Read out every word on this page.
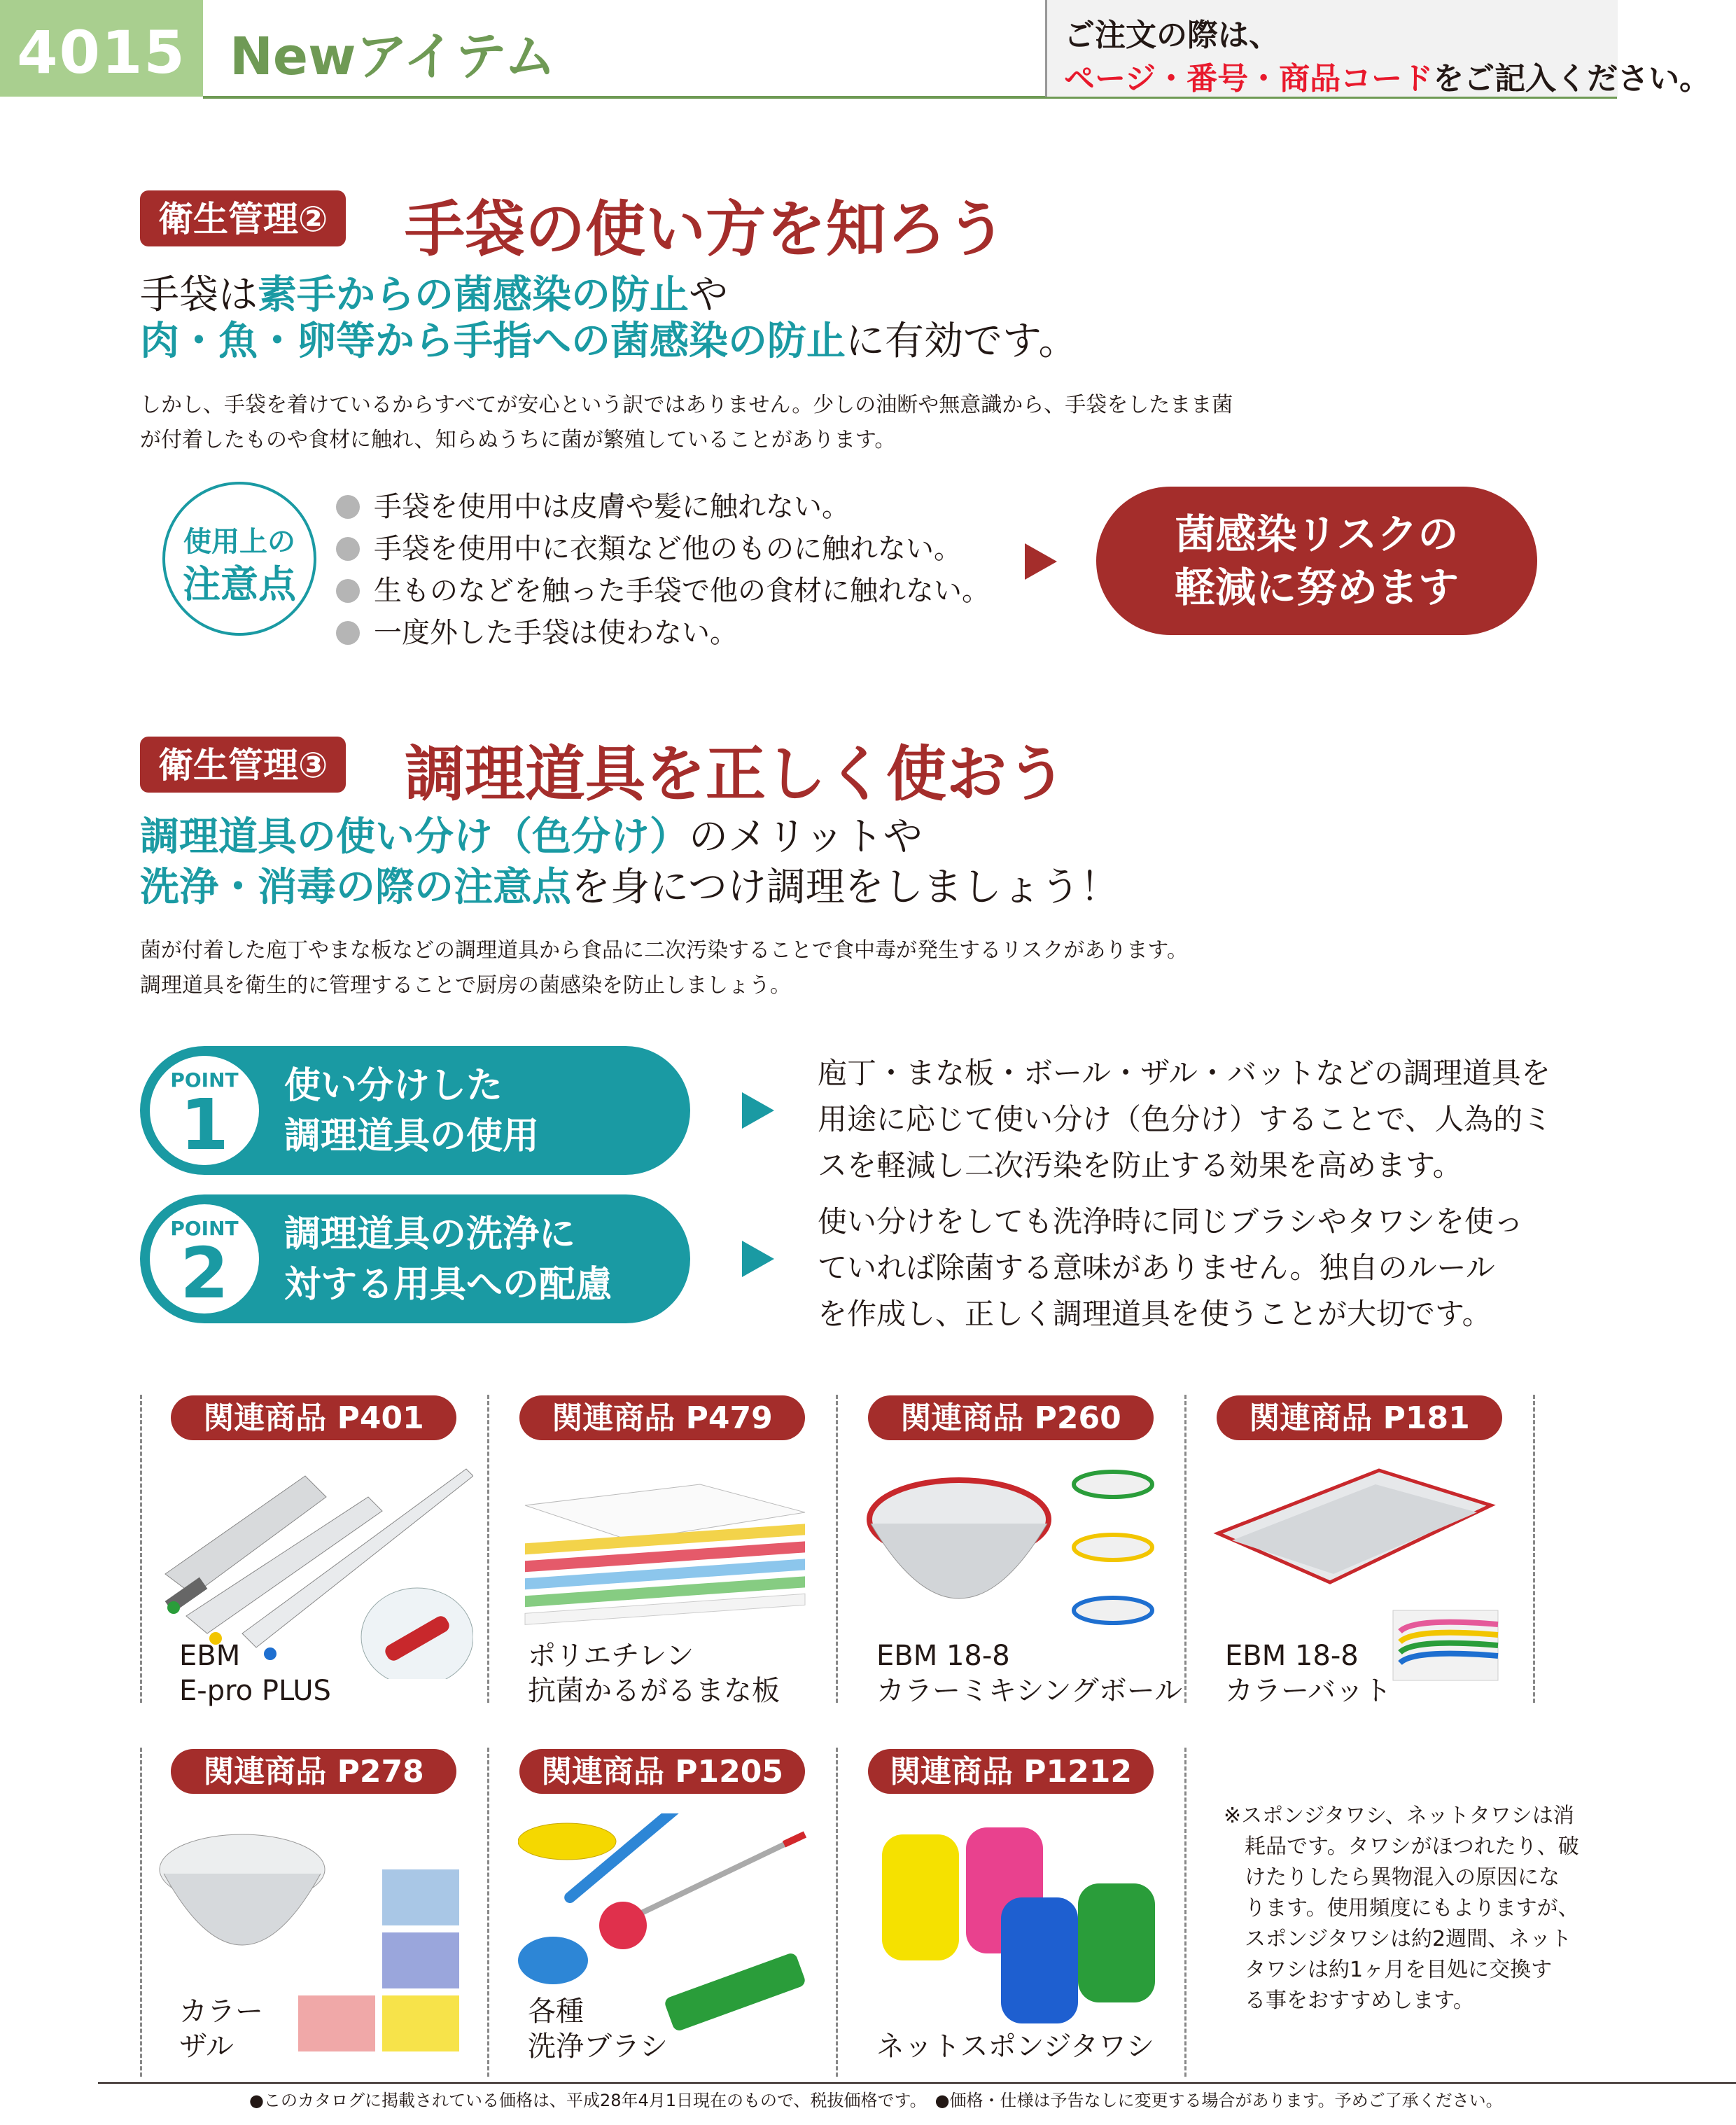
4015 Newアイテム	ご注文の際は、
ページ・番号・商品コードをご記入ください。
衛生管理②	手袋の使い方を知ろう
手袋は素手からの菌感染の防止や
肉・魚・卵等から手指への菌感染の防止に有効です。
しかし、手袋を着けているからすべてが安心という訳ではありません。少しの油断や無意識から、手袋をしたまま菌
が付着したものや食材に触れ、知らぬうちに菌が繁殖していることがあります。
使用上の
注意点
手袋を使用中は皮膚や髪に触れない。
手袋を使用中に衣類など他のものに触れない。
生ものなどを触った手袋で他の食材に触れない。
一度外した手袋は使わない。
菌感染リスクの
軽減に努めます
衛生管理③	調理道具を正しく使おう
調理道具の使い分け（色分け）のメリットや
洗浄・消毒の際の注意点を身につけ調理をしましょう！
菌が付着した庖丁やまな板などの調理道具から食品に二次汚染することで食中毒が発生するリスクがあります。
調理道具を衛生的に管理することで厨房の菌感染を防止しましょう。
POINT
1	使い分けした
調理道具の使用
庖丁・まな板・ボール・ザル・バットなどの調理道具を
用途に応じて使い分け（色分け）することで、人為的ミ
スを軽減し二次汚染を防止する効果を高めます。
POINT
2	調理道具の洗浄に
対する用具への配慮
使い分けをしても洗浄時に同じブラシやタワシを使っ
ていれば除菌する意味がありません。独自のルール
を作成し、正しく調理道具を使うことが大切です。
関連商品 P401
EBM
E-pro PLUS
関連商品 P479
ポリエチレン
抗菌かるがるまな板
関連商品 P260
EBM 18-8
カラーミキシングボール
関連商品 P181
EBM 18-8
カラーバット
関連商品 P278
カラー
ザル
関連商品 P1205
各種
洗浄ブラシ
関連商品 P1212
ネットスポンジタワシ
※スポンジタワシ、ネットタワシは消
耗品です。タワシがほつれたり、破
けたりしたら異物混入の原因にな
ります。使用頻度にもよりますが、
スポンジタワシは約2週間、ネット
タワシは約1ヶ月を目処に交換す
る事をおすすめします。
●このカタログに掲載されている価格は、平成28年4月1日現在のもので、税抜価格です。　●価格・仕様は予告なしに変更する場合があります。予めご了承ください。
